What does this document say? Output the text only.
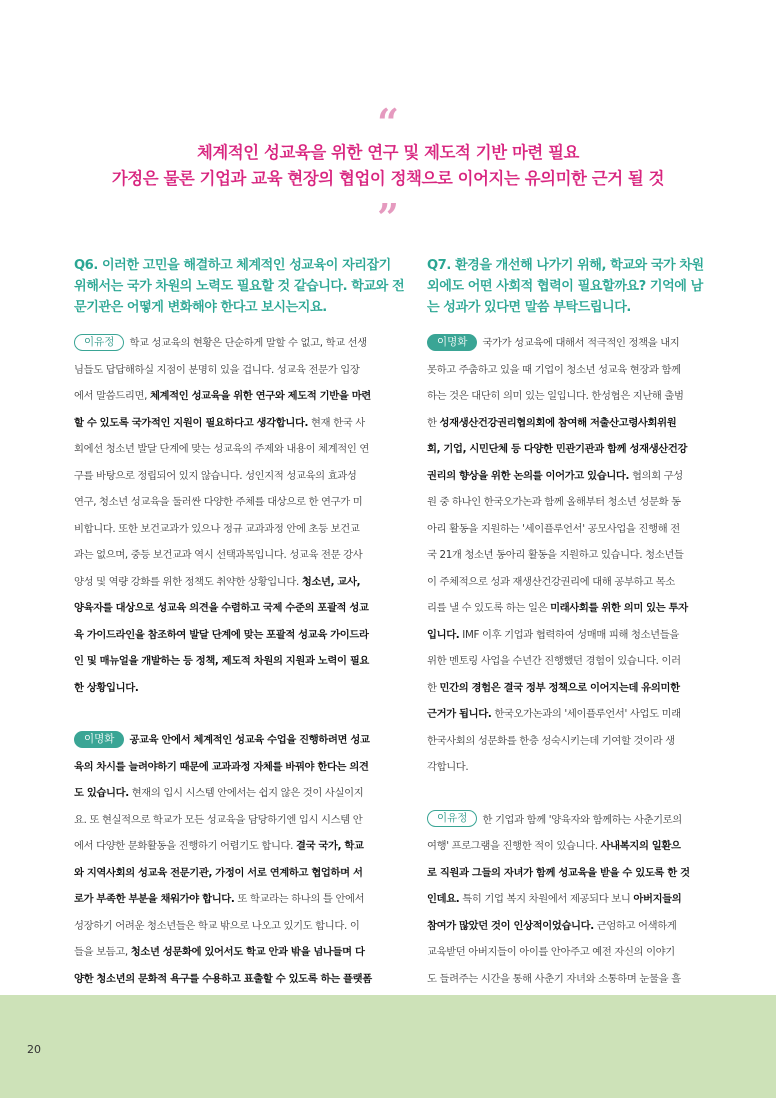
“
체계적인 성교육을 위한 연구 및 제도적 기반 마련 필요
가정은 물론 기업과 교육 현장의 협업이 정책으로 이어지는 유의미한 근거 될 것
”
Q6. 이러한 고민을 해결하고 체계적인 성교육이 자리잡기
위해서는 국가 차원의 노력도 필요할 것 같습니다. 학교와 전
문기관은 어떻게 변화해야 한다고 보시는지요.
이유정 학교 성교육의 현황은 단순하게 말할 수 없고, 학교 선생
님들도 답답해하실 지점이 분명히 있을 겁니다. 성교육 전문가 입장
에서 말씀드리면, 체계적인 성교육을 위한 연구와 제도적 기반을 마련
할 수 있도록 국가적인 지원이 필요하다고 생각합니다. 현재 한국 사
회에선 청소년 발달 단계에 맞는 성교육의 주제와 내용이 체계적인 연
구를 바탕으로 정립되어 있지 않습니다. 성인지적 성교육의 효과성
연구, 청소년 성교육을 둘러싼 다양한 주체를 대상으로 한 연구가 미
비합니다. 또한 보건교과가 있으나 정규 교과과정 안에 초등 보건교
과는 없으며, 중등 보건교과 역시 선택과목입니다. 성교육 전문 강사
양성 및 역량 강화를 위한 정책도 취약한 상황입니다. 청소년, 교사,
양육자를 대상으로 성교육 의견을 수렴하고 국제 수준의 포괄적 성교
육 가이드라인을 참조하여 발달 단계에 맞는 포괄적 성교육 가이드라
인 및 매뉴얼을 개발하는 등 정책, 제도적 차원의 지원과 노력이 필요
한 상황입니다.
이명화 공교육 안에서 체계적인 성교육 수업을 진행하려면 성교
육의 차시를 늘려야하기 때문에 교과과정 자체를 바꿔야 한다는 의견
도 있습니다. 현재의 입시 시스템 안에서는 쉽지 않은 것이 사실이지
요. 또 현실적으로 학교가 모든 성교육을 담당하기엔 입시 시스템 안
에서 다양한 문화활동을 진행하기 어렵기도 합니다. 결국 국가, 학교
와 지역사회의 성교육 전문기관, 가정이 서로 연계하고 협업하며 서
로가 부족한 부분을 채워가야 합니다. 또 학교라는 하나의 틀 안에서
성장하기 어려운 청소년들은 학교 밖으로 나오고 있기도 합니다. 이
들을 보듬고, 청소년 성문화에 있어서도 학교 안과 밖을 넘나들며 다
양한 청소년의 문화적 욕구를 수용하고 표출할 수 있도록 하는 플랫폼
Q7. 환경을 개선해 나가기 위해, 학교와 국가 차원
외에도 어떤 사회적 협력이 필요할까요? 기억에 남
는 성과가 있다면 말씀 부탁드립니다.
이명화 국가가 성교육에 대해서 적극적인 정책을 내지
못하고 주춤하고 있을 때 기업이 청소년 성교육 현장과 함께
하는 것은 대단히 의미 있는 일입니다. 한성협은 지난해 출범
한 성재생산건강권리협의회에 참여해 저출산고령사회위원
회, 기업, 시민단체 등 다양한 민관기관과 함께 성재생산건강
권리의 향상을 위한 논의를 이어가고 있습니다. 협의회 구성
원 중 하나인 한국오가논과 함께 올해부터 청소년 성문화 동
아리 활동을 지원하는 '세이플루언서' 공모사업을 진행해 전
국 21개 청소년 동아리 활동을 지원하고 있습니다. 청소년들
이 주체적으로 성과 재생산건강권리에 대해 공부하고 목소
리를 낼 수 있도록 하는 일은 미래사회를 위한 의미 있는 투자
입니다. IMF 이후 기업과 협력하여 성매매 피해 청소년들을
위한 멘토링 사업을 수년간 진행했던 경험이 있습니다. 이러
한 민간의 경험은 결국 정부 정책으로 이어지는데 유의미한
근거가 됩니다. 한국오가논과의 '세이플루언서' 사업도 미래
한국사회의 성문화를 한층 성숙시키는데 기여할 것이라 생
각합니다.
이유정 한 기업과 함께 '양육자와 함께하는 사춘기로의
여행' 프로그램을 진행한 적이 있습니다. 사내복지의 일환으
로 직원과 그들의 자녀가 함께 성교육을 받을 수 있도록 한 것
인데요. 특히 기업 복지 차원에서 제공되다 보니 아버지들의
참여가 많았던 것이 인상적이었습니다. 근엄하고 어색하게
교육받던 아버지들이 아이를 안아주고 예전 자신의 이야기
도 들려주는 시간을 통해 사춘기 자녀와 소통하며 눈물을 흘
20
